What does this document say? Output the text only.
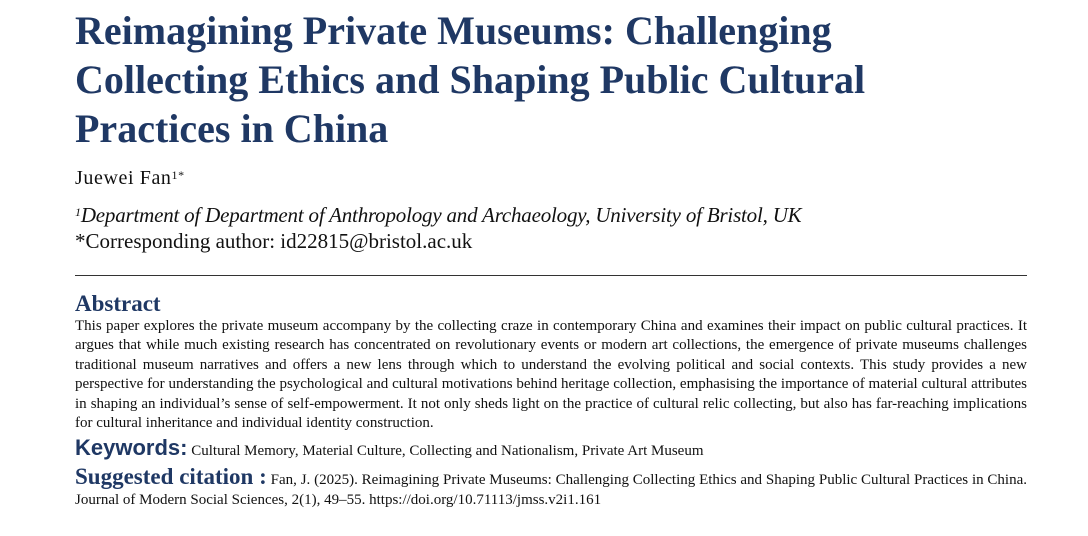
Reimagining Private Museums: Challenging Collecting Ethics and Shaping Public Cultural Practices in China
Juewei Fan$^{1*}$
$^1$Department of Department of Anthropology and Archaeology, University of Bristol, UK
*Corresponding author: id22815@bristol.ac.uk
Abstract
This paper explores the private museum accompany by the collecting craze in contemporary China and examines their impact on public cultural practices. It argues that while much existing research has concentrated on revolutionary events or modern art collections, the emergence of private museums challenges traditional museum narratives and offers a new lens through which to understand the evolving political and social contexts. This study provides a new perspective for understanding the psychological and cultural motivations behind heritage collection, emphasising the importance of material cultural attributes in shaping an individual’s sense of self-empowerment. It not only sheds light on the practice of cultural relic collecting, but also has far-reaching implications for cultural inheritance and individual identity construction.
Keywords: Cultural Memory, Material Culture, Collecting and Nationalism, Private Art Museum
Suggested citation : Fan, J. (2025). Reimagining Private Museums: Challenging Collecting Ethics and Shaping Public Cultural Practices in China. Journal of Modern Social Sciences, 2(1), 49–55. https://doi.org/10.71113/jmss.v2i1.161
